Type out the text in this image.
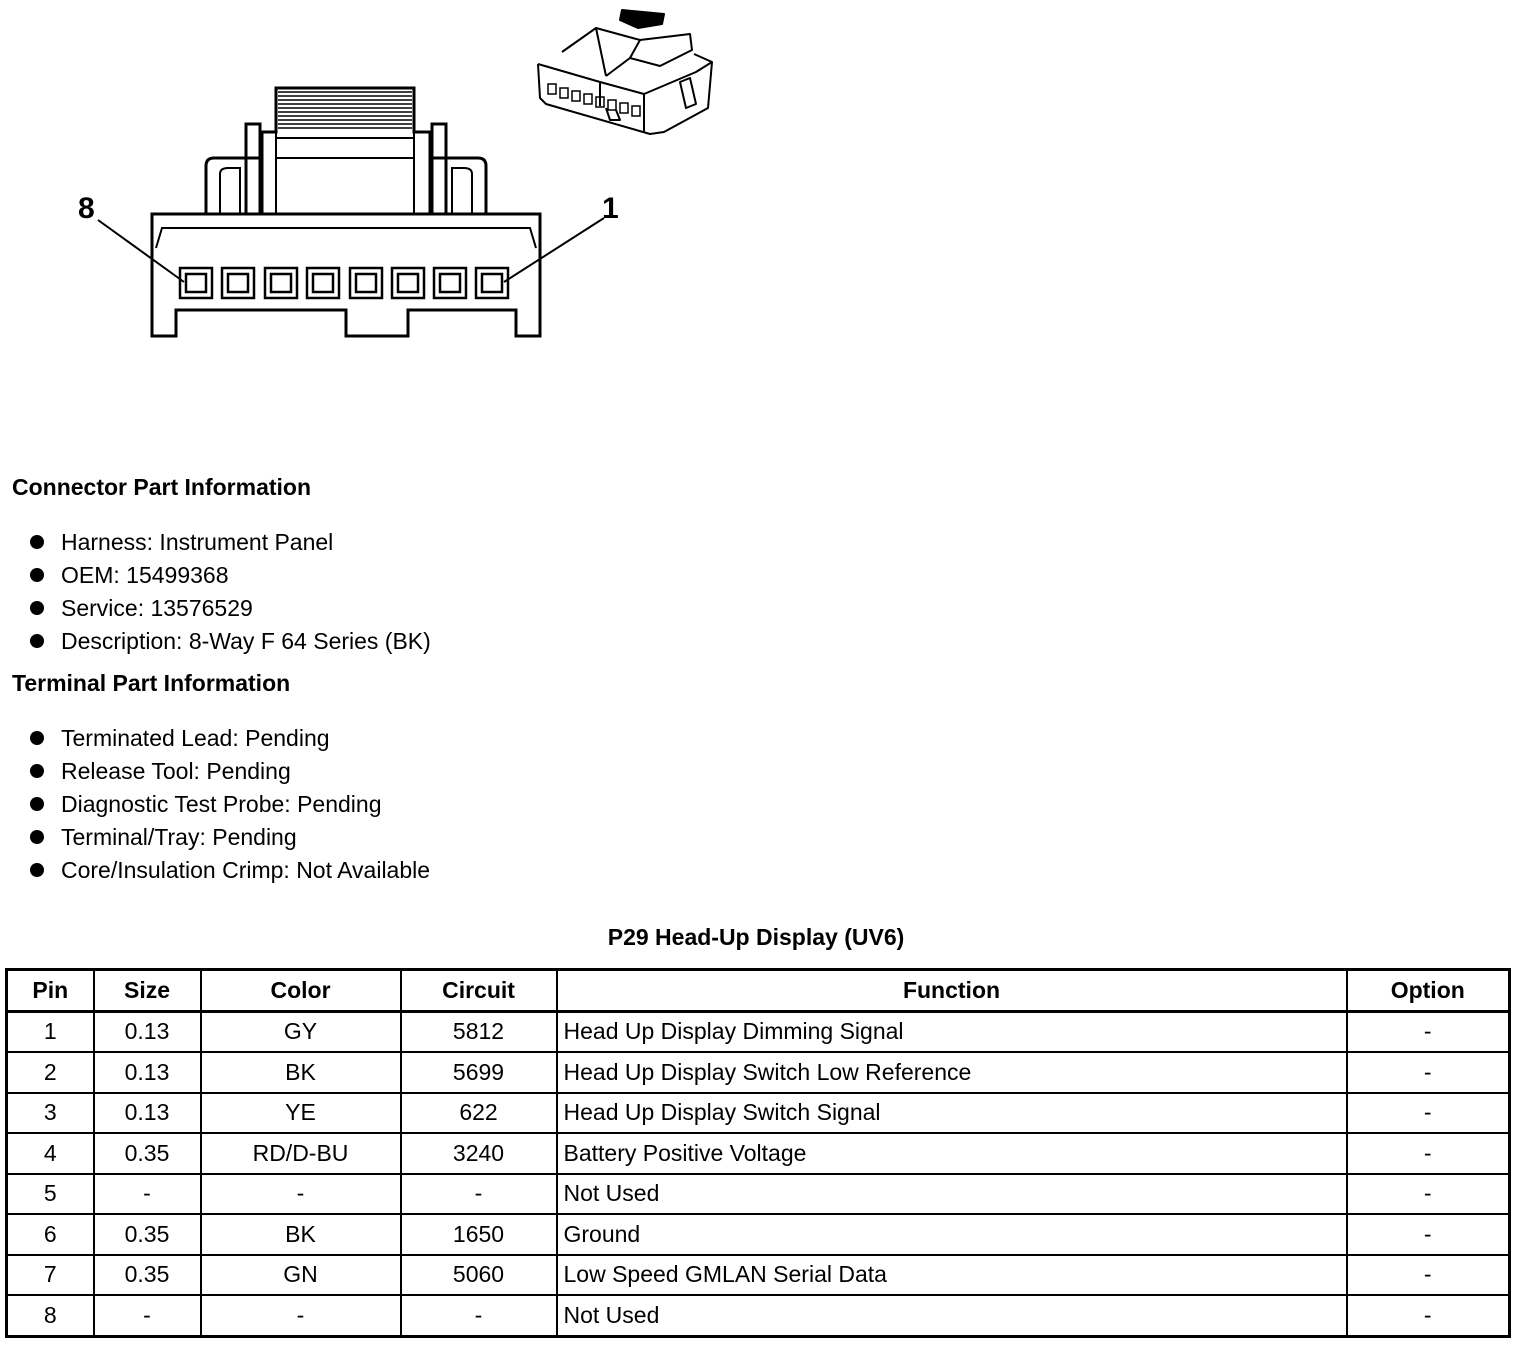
8	1
Connector Part Information
Harness: Instrument Panel
OEM: 15499368
Service: 13576529
Description: 8-Way F 64 Series (BK)
Terminal Part Information
Terminated Lead: Pending
Release Tool: Pending
Diagnostic Test Probe: Pending
Terminal/Tray: Pending
Core/Insulation Crimp: Not Available
P29 Head-Up Display (UV6)
Pin	Size	Color	Circuit	Function	Option
1	0.13	GY	5812	Head Up Display Dimming Signal	-
2	0.13	BK	5699	Head Up Display Switch Low Reference	-
3	0.13	YE	622	Head Up Display Switch Signal	-
4	0.35	RD/D-BU	3240	Battery Positive Voltage	-
5	-	-	-	Not Used	-
6	0.35	BK	1650	Ground	-
7	0.35	GN	5060	Low Speed GMLAN Serial Data	-
8	-	-	-	Not Used	-
